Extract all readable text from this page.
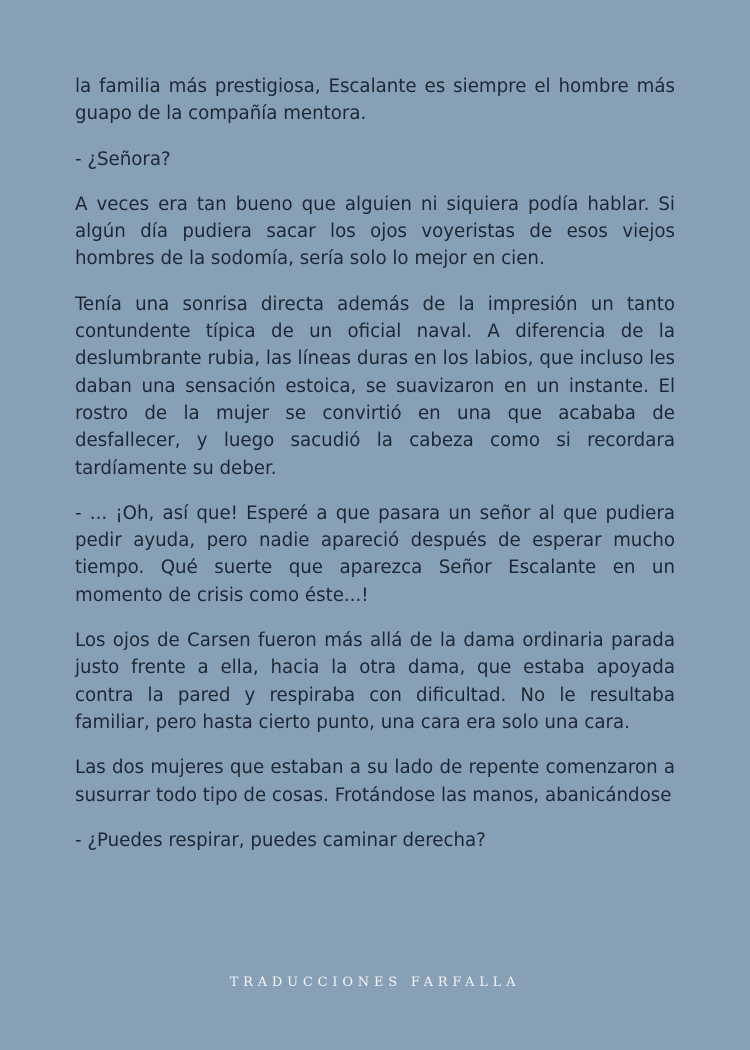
la familia más prestigiosa, Escalante es siempre el hombre más guapo de la compañía mentora.

- ¿Señora?

A veces era tan bueno que alguien ni siquiera podía hablar. Si algún día pudiera sacar los ojos voyeristas de esos viejos hombres de la sodomía, sería solo lo mejor en cien.

Tenía una sonrisa directa además de la impresión un tanto contundente típica de un oficial naval. A diferencia de la deslumbrante rubia, las líneas duras en los labios, que incluso les daban una sensación estoica, se suavizaron en un instante. El rostro de la mujer se convirtió en una que acababa de desfallecer, y luego sacudió la cabeza como si recordara tardíamente su deber.

- ... ¡Oh, así que! Esperé a que pasara un señor al que pudiera pedir ayuda, pero nadie apareció después de esperar mucho tiempo. Qué suerte que aparezca Señor Escalante en un momento de crisis como éste...!

Los ojos de Carsen fueron más allá de la dama ordinaria parada justo frente a ella, hacia la otra dama, que estaba apoyada contra la pared y respiraba con dificultad. No le resultaba familiar, pero hasta cierto punto, una cara era solo una cara.

Las dos mujeres que estaban a su lado de repente comenzaron a susurrar todo tipo de cosas. Frotándose las manos, abanicándose

- ¿Puedes respirar, puedes caminar derecha?

TRADUCCIONES FARFALLA
